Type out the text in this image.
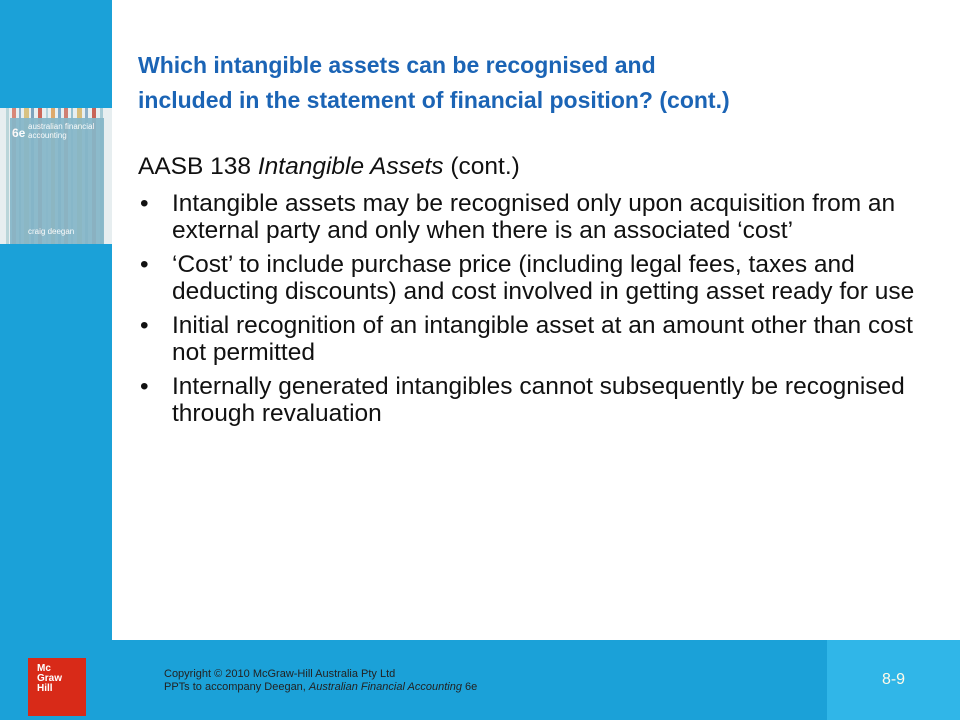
6e australian financial accounting
craig deegan
Which intangible assets can be recognised and
included in the statement of financial position? (cont.)

AASB 138 Intangible Assets (cont.)

• Intangible assets may be recognised only upon acquisition from an external party and only when there is an associated ‘cost’
• ‘Cost’ to include purchase price (including legal fees, taxes and deducting discounts) and cost involved in getting asset ready for use
• Initial recognition of an intangible asset at an amount other than cost not permitted
• Internally generated intangibles cannot subsequently be recognised through revaluation
Mc
Graw
Hill
Copyright © 2010 McGraw-Hill Australia Pty Ltd
PPTs to accompany Deegan, Australian Financial Accounting 6e	8-9
